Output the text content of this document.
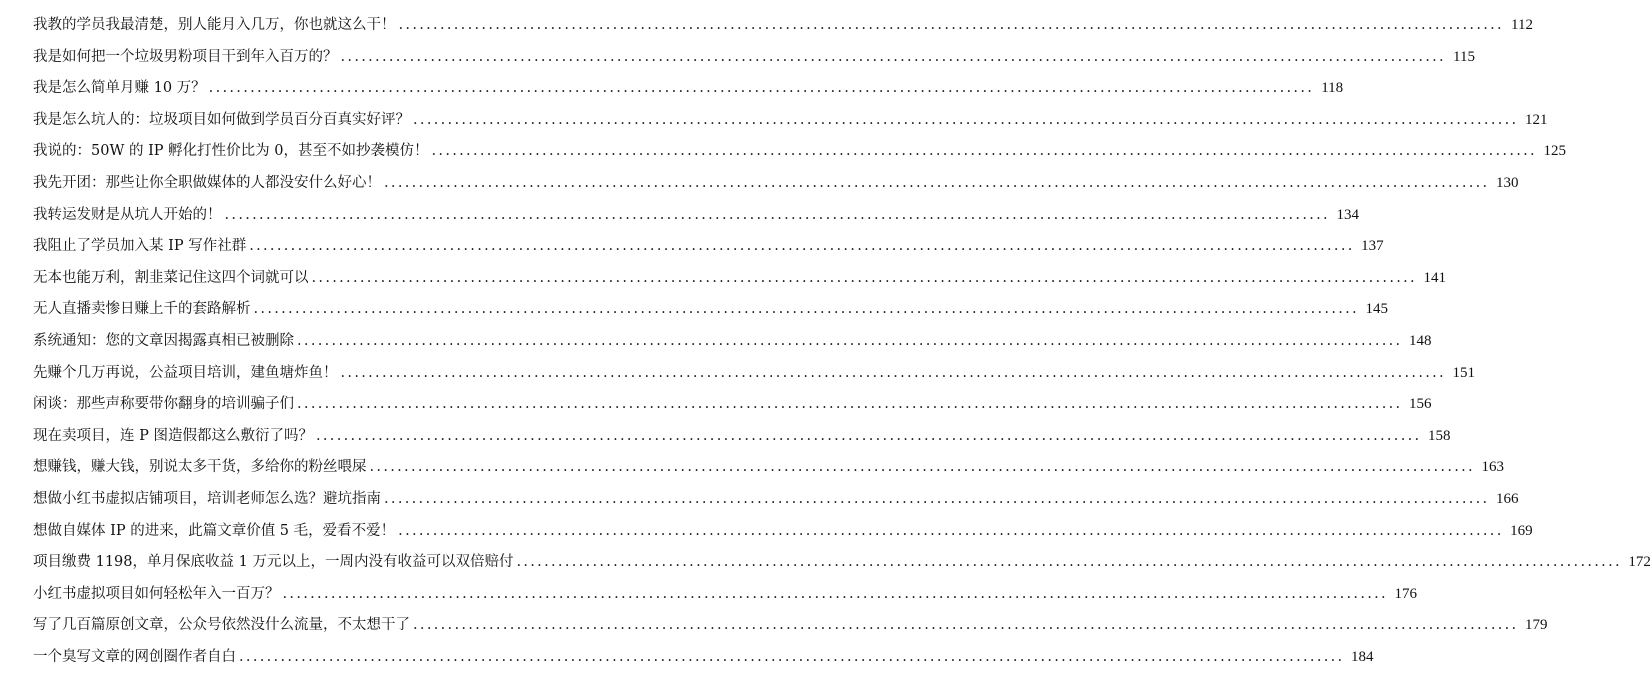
我教的学员我最清楚，别人能月入几万，你也就这么干！ ................................................................................................................................................................ 112
我是如何把一个垃圾男粉项目干到年入百万的？ ................................................................................................................................................................ 115
我是怎么简单月赚 10 万？ ................................................................................................................................................................ 118
我是怎么坑人的：垃圾项目如何做到学员百分百真实好评？ ................................................................................................................................................................ 121
我说的：50W 的 IP 孵化打性价比为 0，甚至不如抄袭模仿！ ................................................................................................................................................................ 125
我先开团：那些让你全职做媒体的人都没安什么好心！ ................................................................................................................................................................ 130
我转运发财是从坑人开始的！ ................................................................................................................................................................ 134
我阻止了学员加入某 IP 写作社群 ................................................................................................................................................................ 137
无本也能万利，割韭菜记住这四个词就可以 ................................................................................................................................................................ 141
无人直播卖惨日赚上千的套路解析 ................................................................................................................................................................ 145
系统通知：您的文章因揭露真相已被删除 ................................................................................................................................................................ 148
先赚个几万再说，公益项目培训，建鱼塘炸鱼！ ................................................................................................................................................................ 151
闲谈：那些声称要带你翻身的培训骗子们 ................................................................................................................................................................ 156
现在卖项目，连 P 图造假都这么敷衍了吗？ ................................................................................................................................................................ 158
想赚钱，赚大钱，别说太多干货，多给你的粉丝喂屎 ................................................................................................................................................................ 163
想做小红书虚拟店铺项目，培训老师怎么选？避坑指南 ................................................................................................................................................................ 166
想做自媒体 IP 的进来，此篇文章价值 5 毛，爱看不爱！ ................................................................................................................................................................ 169
项目缴费 1198，单月保底收益 1 万元以上，一周内没有收益可以双倍赔付 ................................................................................................................................................................ 172
小红书虚拟项目如何轻松年入一百万？ ................................................................................................................................................................ 176
写了几百篇原创文章，公众号依然没什么流量，不太想干了 ................................................................................................................................................................ 179
一个臭写文章的网创圈作者自白 ................................................................................................................................................................ 184
